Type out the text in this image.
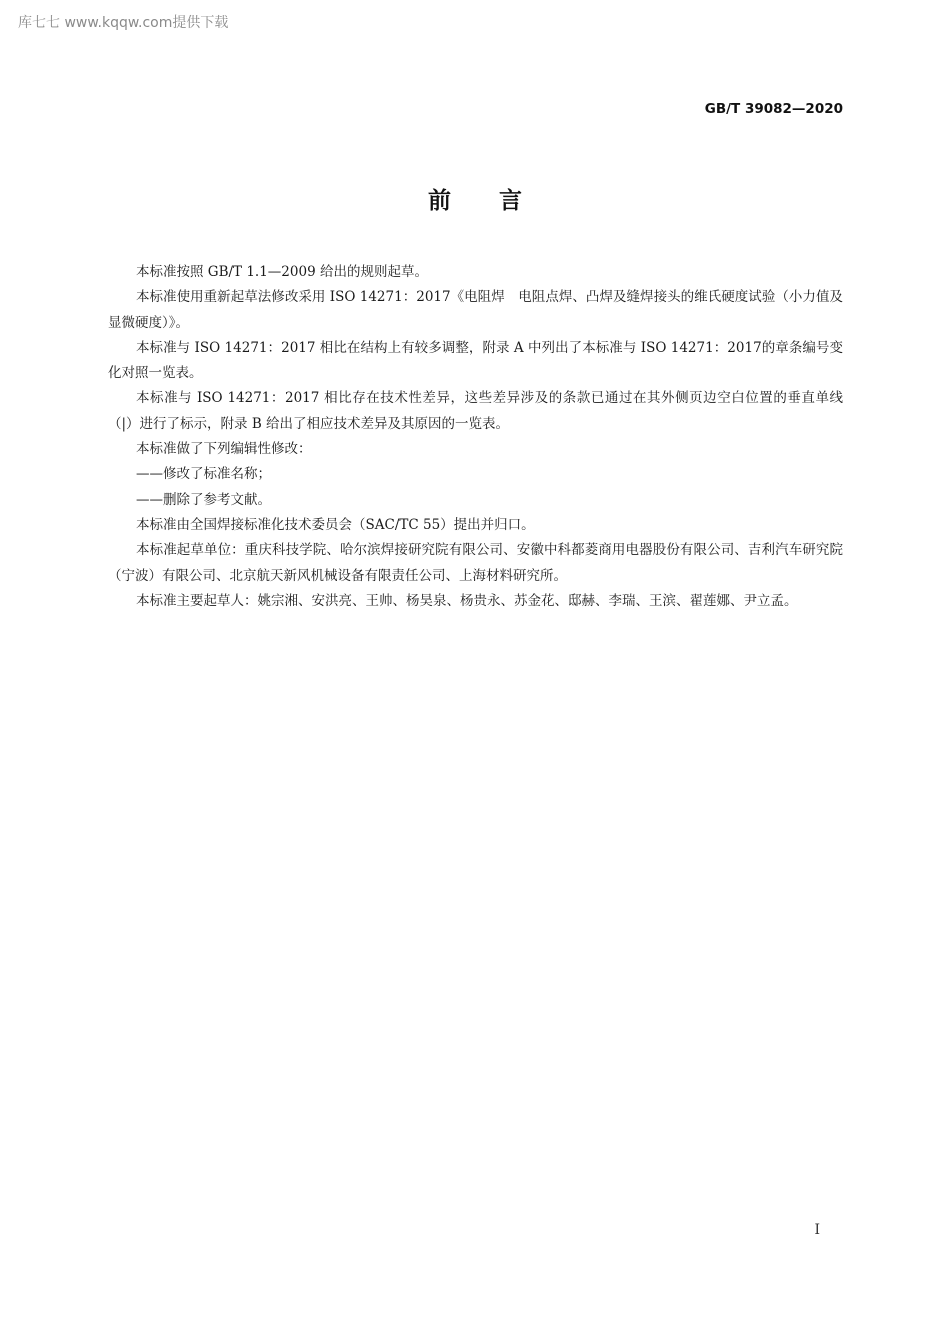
库七七 www.kqqw.com提供下载
GB/T 39082—2020
前言

本标准按照 GB/T 1.1—2009 给出的规则起草。

本标准使用重新起草法修改采用 ISO 14271：2017《电阻焊　电阻点焊、凸焊及缝焊接头的维氏硬度试验（小力值及显微硬度）》。

本标准与 ISO 14271：2017 相比在结构上有较多调整，附录 A 中列出了本标准与 ISO 14271：2017的章条编号变化对照一览表。

本标准与 ISO 14271：2017 相比存在技术性差异，这些差异涉及的条款已通过在其外侧页边空白位置的垂直单线（|）进行了标示，附录 B 给出了相应技术差异及其原因的一览表。

本标准做了下列编辑性修改：

——修改了标准名称；

——删除了参考文献。

本标准由全国焊接标准化技术委员会（SAC/TC 55）提出并归口。

本标准起草单位：重庆科技学院、哈尔滨焊接研究院有限公司、安徽中科都菱商用电器股份有限公司、吉利汽车研究院（宁波）有限公司、北京航天新风机械设备有限责任公司、上海材料研究所。

本标准主要起草人：姚宗湘、安洪亮、王帅、杨昊泉、杨贵永、苏金花、邸赫、李瑞、王滨、翟莲娜、尹立孟。

I
